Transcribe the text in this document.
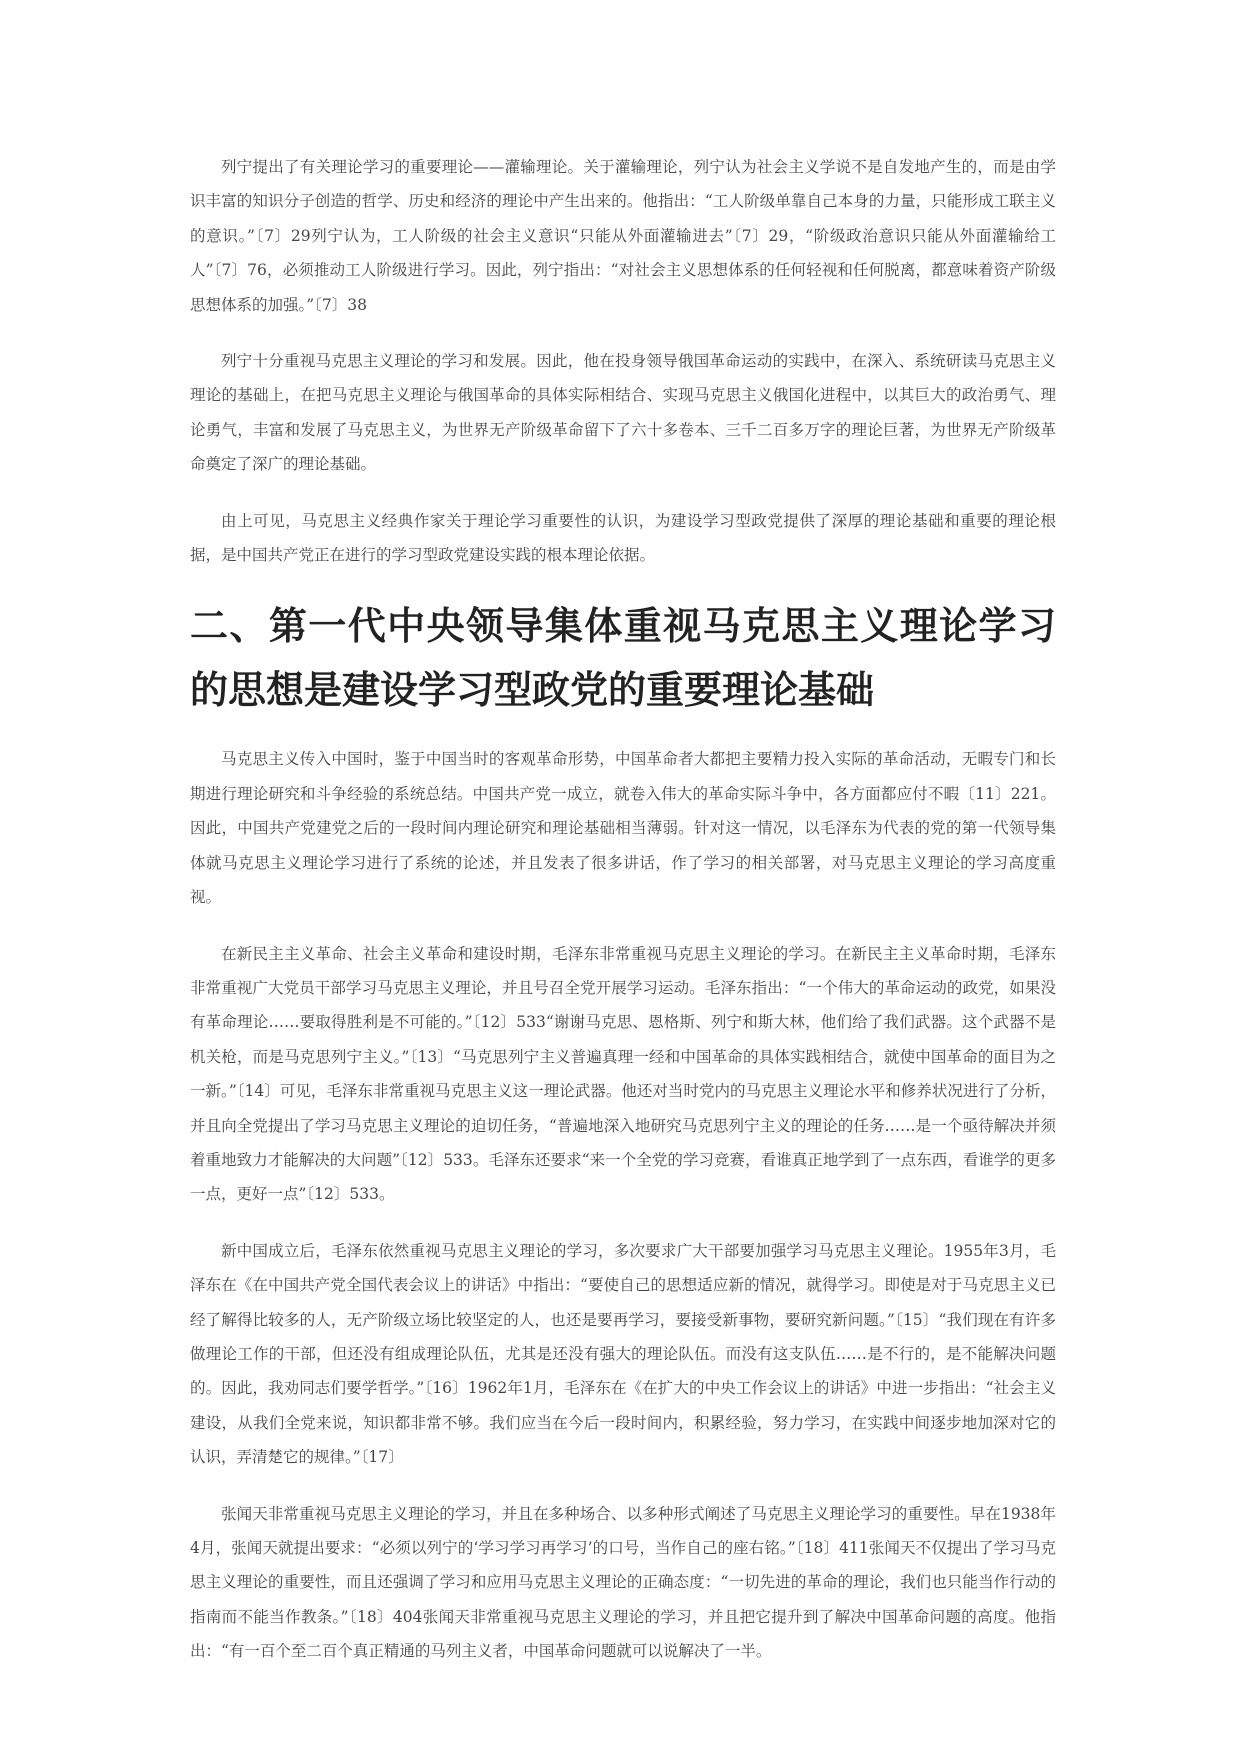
列宁提出了有关理论学习的重要理论——灌输理论。关于灌输理论，列宁认为社会主义学说不是自发地产生的，而是由学识丰富的知识分子创造的哲学、历史和经济的理论中产生出来的。他指出：“工人阶级单靠自己本身的力量，只能形成工联主义的意识。”〔7〕29列宁认为，工人阶级的社会主义意识“只能从外面灌输进去”〔7〕29，“阶级政治意识只能从外面灌输给工人”〔7〕76，必须推动工人阶级进行学习。因此，列宁指出：“对社会主义思想体系的任何轻视和任何脱离，都意味着资产阶级思想体系的加强。”〔7〕38

列宁十分重视马克思主义理论的学习和发展。因此，他在投身领导俄国革命运动的实践中，在深入、系统研读马克思主义理论的基础上，在把马克思主义理论与俄国革命的具体实际相结合、实现马克思主义俄国化进程中，以其巨大的政治勇气、理论勇气，丰富和发展了马克思主义，为世界无产阶级革命留下了六十多卷本、三千二百多万字的理论巨著，为世界无产阶级革命奠定了深广的理论基础。

由上可见，马克思主义经典作家关于理论学习重要性的认识，为建设学习型政党提供了深厚的理论基础和重要的理论根据，是中国共产党正在进行的学习型政党建设实践的根本理论依据。

二、第一代中央领导集体重视马克思主义理论学习的思想是建设学习型政党的重要理论基础

马克思主义传入中国时，鉴于中国当时的客观革命形势，中国革命者大都把主要精力投入实际的革命活动，无暇专门和长期进行理论研究和斗争经验的系统总结。中国共产党一成立，就卷入伟大的革命实际斗争中，各方面都应付不暇〔11〕221。因此，中国共产党建党之后的一段时间内理论研究和理论基础相当薄弱。针对这一情况，以毛泽东为代表的党的第一代领导集体就马克思主义理论学习进行了系统的论述，并且发表了很多讲话，作了学习的相关部署，对马克思主义理论的学习高度重视。

在新民主主义革命、社会主义革命和建设时期，毛泽东非常重视马克思主义理论的学习。在新民主主义革命时期，毛泽东非常重视广大党员干部学习马克思主义理论，并且号召全党开展学习运动。毛泽东指出：“一个伟大的革命运动的政党，如果没有革命理论……要取得胜利是不可能的。”〔12〕533“谢谢马克思、恩格斯、列宁和斯大林，他们给了我们武器。这个武器不是机关枪，而是马克思列宁主义。”〔13〕“马克思列宁主义普遍真理一经和中国革命的具体实践相结合，就使中国革命的面目为之一新。”〔14〕可见，毛泽东非常重视马克思主义这一理论武器。他还对当时党内的马克思主义理论水平和修养状况进行了分析，并且向全党提出了学习马克思主义理论的迫切任务，“普遍地深入地研究马克思列宁主义的理论的任务……是一个亟待解决并须着重地致力才能解决的大问题”〔12〕533。毛泽东还要求“来一个全党的学习竞赛，看谁真正地学到了一点东西，看谁学的更多一点，更好一点”〔12〕533。

新中国成立后，毛泽东依然重视马克思主义理论的学习，多次要求广大干部要加强学习马克思主义理论。1955年3月，毛泽东在《在中国共产党全国代表会议上的讲话》中指出：“要使自己的思想适应新的情况，就得学习。即使是对于马克思主义已经了解得比较多的人，无产阶级立场比较坚定的人，也还是要再学习，要接受新事物，要研究新问题。”〔15〕“我们现在有许多做理论工作的干部，但还没有组成理论队伍，尤其是还没有强大的理论队伍。而没有这支队伍……是不行的，是不能解决问题的。因此，我劝同志们要学哲学。”〔16〕1962年1月，毛泽东在《在扩大的中央工作会议上的讲话》中进一步指出：“社会主义建设，从我们全党来说，知识都非常不够。我们应当在今后一段时间内，积累经验，努力学习，在实践中间逐步地加深对它的认识，弄清楚它的规律。”〔17〕

张闻天非常重视马克思主义理论的学习，并且在多种场合、以多种形式阐述了马克思主义理论学习的重要性。早在1938年4月，张闻天就提出要求：“必须以列宁的‘学习学习再学习’的口号，当作自己的座右铭。”〔18〕411张闻天不仅提出了学习马克思主义理论的重要性，而且还强调了学习和应用马克思主义理论的正确态度：“一切先进的革命的理论，我们也只能当作行动的指南而不能当作教条。”〔18〕404张闻天非常重视马克思主义理论的学习，并且把它提升到了解决中国革命问题的高度。他指出：“有一百个至二百个真正精通的马列主义者，中国革命问题就可以说解决了一半。
